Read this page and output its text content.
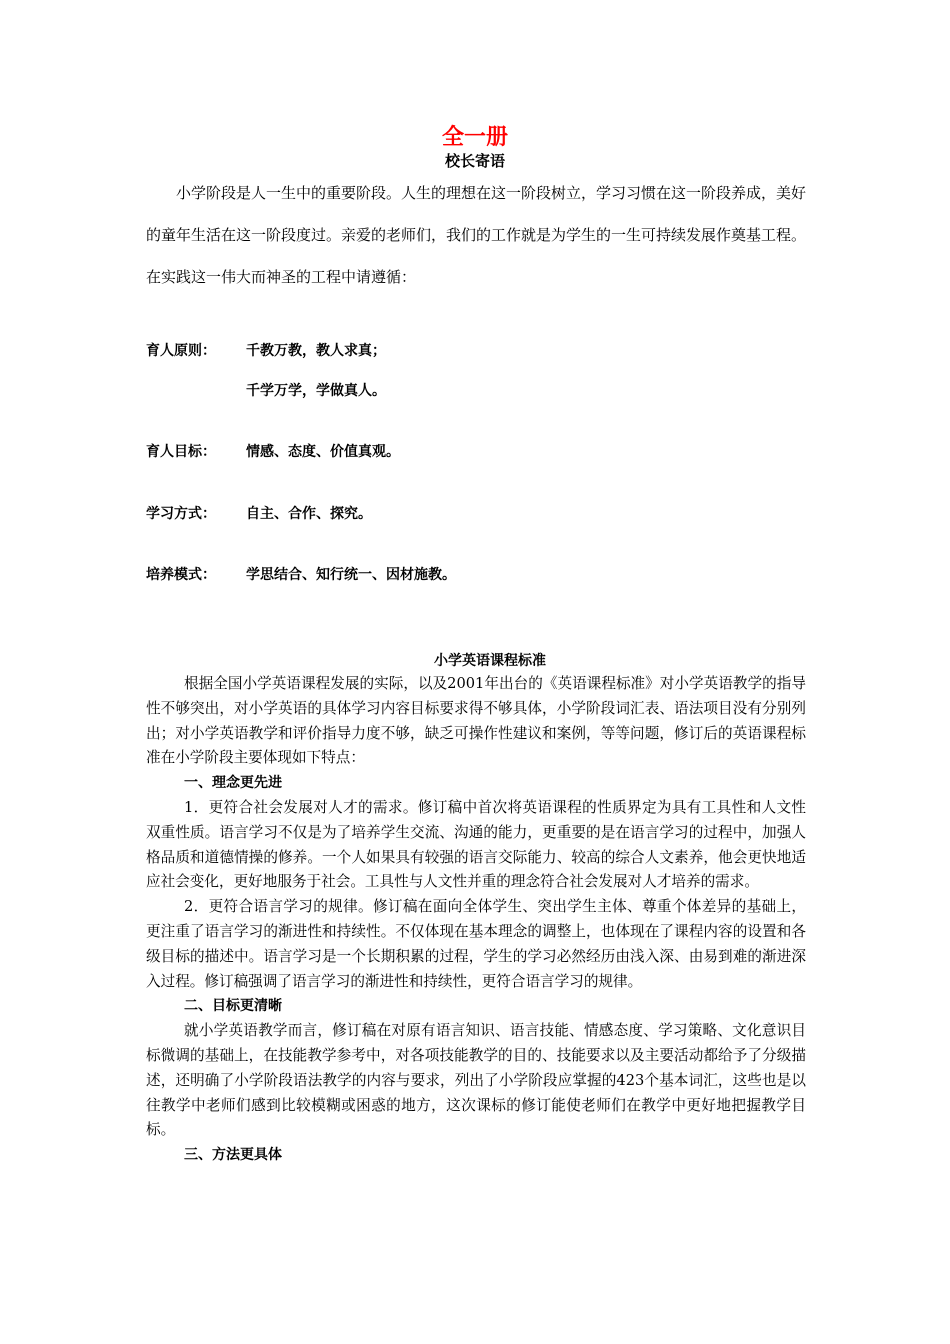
全一册
校长寄语

小学阶段是人一生中的重要阶段。人生的理想在这一阶段树立，学习习惯在这一阶段养成，美好的童年生活在这一阶段度过。亲爱的老师们，我们的工作就是为学生的一生可持续发展作奠基工程。在实践这一伟大而神圣的工程中请遵循：

育人原则：	千教万教，教人求真；
千学万学，学做真人。
育人目标：	情感、态度、价值真观。
学习方式：	自主、合作、探究。
培养模式：	学思结合、知行统一、因材施教。
小学英语课程标准

根据全国小学英语课程发展的实际，以及2001年出台的《英语课程标准》对小学英语教学的指导性不够突出，对小学英语的具体学习内容目标要求得不够具体，小学阶段词汇表、语法项目没有分别列出；对小学英语教学和评价指导力度不够，缺乏可操作性建议和案例，等等问题，修订后的英语课程标准在小学阶段主要体现如下特点：

一、理念更先进

1．更符合社会发展对人才的需求。修订稿中首次将英语课程的性质界定为具有工具性和人文性双重性质。语言学习不仅是为了培养学生交流、沟通的能力，更重要的是在语言学习的过程中，加强人格品质和道德情操的修养。一个人如果具有较强的语言交际能力、较高的综合人文素养，他会更快地适应社会变化，更好地服务于社会。工具性与人文性并重的理念符合社会发展对人才培养的需求。

2．更符合语言学习的规律。修订稿在面向全体学生、突出学生主体、尊重个体差异的基础上，更注重了语言学习的渐进性和持续性。不仅体现在基本理念的调整上，也体现在了课程内容的设置和各级目标的描述中。语言学习是一个长期积累的过程，学生的学习必然经历由浅入深、由易到难的渐进深入过程。修订稿强调了语言学习的渐进性和持续性，更符合语言学习的规律。

二、目标更清晰

就小学英语教学而言，修订稿在对原有语言知识、语言技能、情感态度、学习策略、文化意识目标微调的基础上，在技能教学参考中，对各项技能教学的目的、技能要求以及主要活动都给予了分级描述，还明确了小学阶段语法教学的内容与要求，列出了小学阶段应掌握的423个基本词汇，这些也是以往教学中老师们感到比较模糊或困惑的地方，这次课标的修订能使老师们在教学中更好地把握教学目标。

三、方法更具体
